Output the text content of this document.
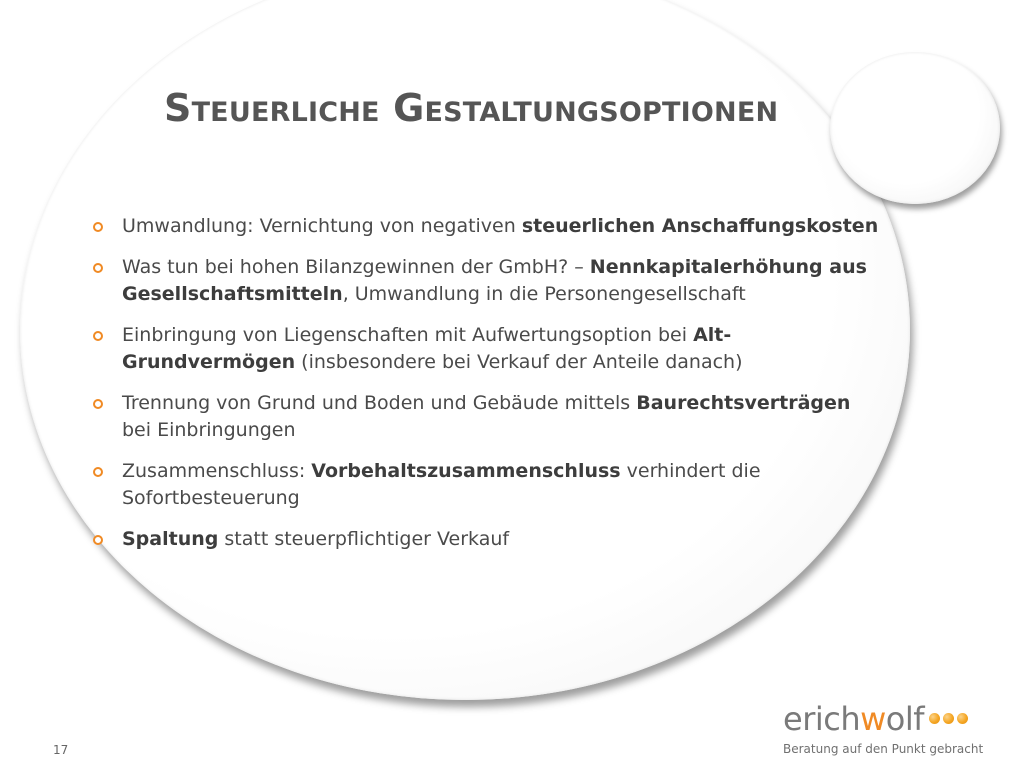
Steuerliche Gestaltungsoptionen
Umwandlung: Vernichtung von negativen steuerlichen Anschaffungskosten
Was tun bei hohen Bilanzgewinnen der GmbH? – Nennkapitalerhöhung aus Gesellschaftsmitteln, Umwandlung in die Personengesellschaft
Einbringung von Liegenschaften mit Aufwertungsoption bei Alt-Grundvermögen (insbesondere bei Verkauf der Anteile danach)
Trennung von Grund und Boden und Gebäude mittels Baurechtsverträgen bei Einbringungen
Zusammenschluss: Vorbehaltszusammenschluss verhindert die Sofortbesteuerung
Spaltung statt steuerpflichtiger Verkauf
17
erichwolf
Beratung auf den Punkt gebracht
